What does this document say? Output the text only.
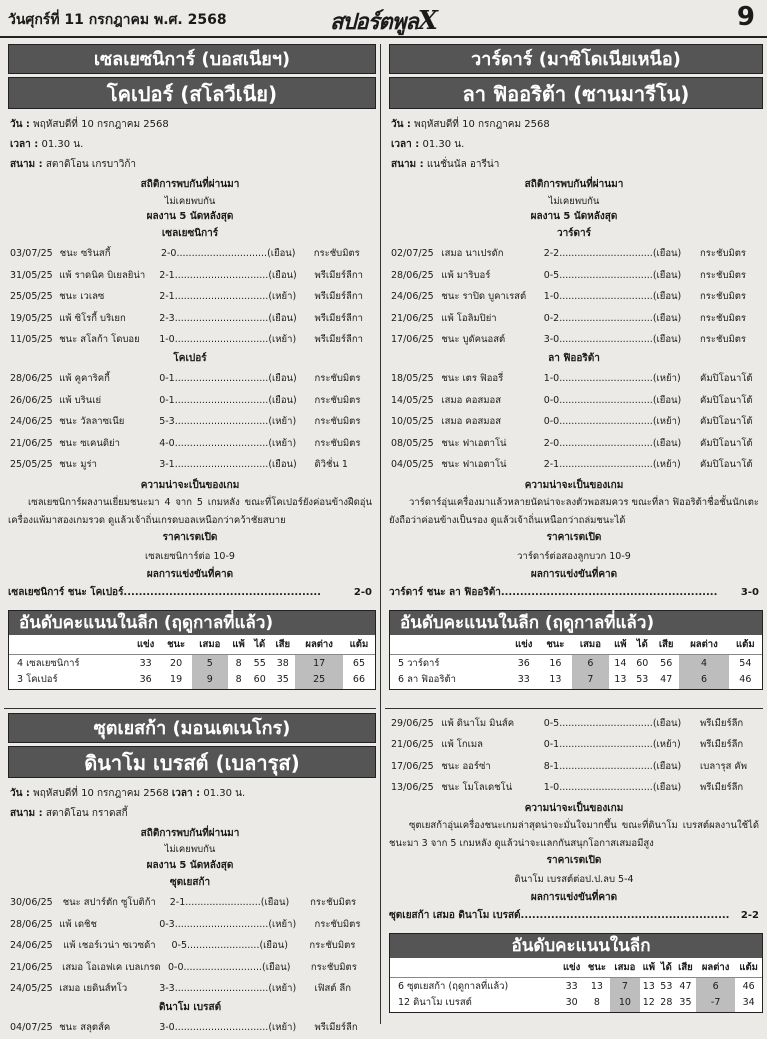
วันศุกร์ที่ 11 กรกฎาคม พ.ศ. 2568	สปอร์ตพูลX	9
เซลเยซนิการ์ (บอสเนียฯ)
โคเปอร์ (สโลวีเนีย)
วัน : พฤหัสบดีที่ 10 กรกฎาคม 2568
เวลา : 01.30 น.
สนาม : สตาดิโอน เกรบาวิก้า
สถิติการพบกันที่ผ่านมา
ไม่เคยพบกัน
ผลงาน 5 นัดหลังสุด
เซลเยซนิการ์
03/07/25 ชนะ ซรินสกี้	2-0.............................. (เยือน)	กระชับมิตร
31/05/25 แพ้ ราดนิค บิเยลยิน่า	2-1............................... (เยือน)	พรีเมียร์ลีกา
25/05/25 ชนะ เวเลซ	2-1............................... (เหย้า)	พรีเมียร์ลีกา
19/05/25 แพ้ ซิโรกี้ บริเยก	2-3............................... (เยือน)	พรีเมียร์ลีกา
11/05/25 ชนะ สโลก้า โดบอย	1-0............................... (เหย้า)	พรีเมียร์ลีกา
โคเปอร์
28/06/25 แพ้ คูคาริคกี้	0-1............................... (เยือน)	กระชับมิตร
26/06/25 แพ้ บรินเย่	0-1............................... (เยือน)	กระชับมิตร
24/06/25 ชนะ วัลลาซเนีย	5-3............................... (เหย้า)	กระชับมิตร
21/06/25 ชนะ ซเคนดิย่า	4-0............................... (เหย้า)	กระชับมิตร
25/05/25 ชนะ มูร่า	3-1............................... (เยือน)	ดิวิชั่น 1
ความน่าจะเป็นของเกม
เซลเยซนิการ์ผลงานเยี่ยมชนะมา 4 จาก 5 เกมหลัง ขณะที่โคเปอร์ยังค่อนข้างฝืดอุ่นเครื่องแพ้มาสองเกมรวด ดูแล้วเจ้าถิ่นเกรดบอลเหนือกว่าคว้าชัยสบาย
ราคาเรตเปิด
เซลเยซนิการ์ต่อ 10-9
ผลการแข่งขันที่คาด
เซลเยซนิการ์ ชนะ โคเปอร์....................................................	2-0
อันดับคะแนนในลีก (ฤดูกาลที่แล้ว)
	แข่ง	ชนะ	เสมอ	แพ้	ได้	เสีย	ผลต่าง	แต้ม
4 เซลเยซนิการ์	33	20	5	8	55	38	17	65
3 โคเปอร์	36	19	9	8	60	35	25	66
ซุตเยสก้า (มอนเตเนโกร)
ดินาโม เบรสต์ (เบลารุส)
วัน : พฤหัสบดีที่ 10 กรกฎาคม 2568 เวลา : 01.30 น.
สนาม : สตาดิโอน กราดสกี้
สถิติการพบกันที่ผ่านมา
ไม่เคยพบกัน
ผลงาน 5 นัดหลังสุด
ซุตเยสก้า
30/06/25	ชนะ สปาร์ตัก ซูโบติก้า	2-1......................... (เยือน)	กระชับมิตร
28/06/25 แพ้ เดชิช	0-3............................... (เหย้า)	กระชับมิตร
24/06/25	แพ้ เชอร์เวน่า ซเวซด้า	0-5........................ (เยือน)	กระชับมิตร
21/06/25 เสมอ โอเอฟเค เบลเกรด 0-0.......................... (เยือน)	กระชับมิตร
24/05/25 เสมอ เยดินส์ทโว	3-3............................... (เหย้า)	เฟิสต์ ลีก
ดินาโม เบรสต์
04/07/25 ชนะ สลุตส์ค	3-0............................... (เหย้า)	พรีเมียร์ลีก
วาร์ดาร์ (มาซิโดเนียเหนือ)
ลา ฟิออริต้า (ซานมารีโน)
วัน : พฤหัสบดีที่ 10 กรกฎาคม 2568
เวลา : 01.30 น.
สนาม : แนชั่นนัล อารีน่า
สถิติการพบกันที่ผ่านมา
ไม่เคยพบกัน
ผลงาน 5 นัดหลังสุด
วาร์ดาร์
02/07/25 เสมอ นาเปรดัก	2-2............................... (เยือน)	กระชับมิตร
28/06/25 แพ้ มาริบอร์	0-5............................... (เยือน)	กระชับมิตร
24/06/25 ชนะ ราปิด บูคาเรสต์	1-0............................... (เยือน)	กระชับมิตร
21/06/25 แพ้ โอลิมปิย่า	0-2............................... (เยือน)	กระชับมิตร
17/06/25 ชนะ บูดัคนอสต์	3-0............................... (เยือน)	กระชับมิตร
ลา ฟิออริต้า
18/05/25 ชนะ เตร ฟิออรี่	1-0............................... (เหย้า)	คัมปิโอนาโต้
14/05/25 เสมอ คอสมอส	0-0............................... (เยือน)	คัมปิโอนาโต้
10/05/25 เสมอ คอสมอส	0-0............................... (เหย้า)	คัมปิโอนาโต้
08/05/25 ชนะ ฟาเอตาโน่	2-0............................... (เยือน)	คัมปิโอนาโต้
04/05/25 ชนะ ฟาเอตาโน่	2-1............................... (เหย้า)	คัมปิโอนาโต้
ความน่าจะเป็นของเกม
วาร์ดาร์อุ่นเครื่องมาแล้วหลายนัดน่าจะลงตัวพอสมควร ขณะที่ลา ฟิออริต้าชื่อชั้นนักเตะยังถือว่าค่อนข้างเป็นรอง ดูแล้วเจ้าถิ่นเหนือกว่าถล่มชนะได้
ราคาเรตเปิด
วาร์ดาร์ต่อสองลูกบวก 10-9
ผลการแข่งขันที่คาด
วาร์ดาร์ ชนะ ลา ฟิออริต้า......................................................... 3-0
อันดับคะแนนในลีก (ฤดูกาลที่แล้ว)
	แข่ง	ชนะ	เสมอ	แพ้	ได้	เสีย	ผลต่าง	แต้ม
5 วาร์ดาร์	36	16	6	14	60	56	4	54
6 ลา ฟิออริต้า	33	13	7	13	53	47	6	46
29/06/25 แพ้ ดินาโม มินส์ค	0-5............................... (เยือน)	พรีเมียร์ลีก
21/06/25 แพ้ โกเมล	0-1............................... (เหย้า)	พรีเมียร์ลีก
17/06/25 ชนะ ออร์ซ่า	8-1............................... (เยือน)	เบลารุส คัพ
13/06/25 ชนะ โมโลเดชโน่	1-0............................... (เยือน)	พรีเมียร์ลีก
ความน่าจะเป็นของเกม
ซุตเยสก้าอุ่นเครื่องชนะเกมล่าสุดน่าจะมั่นใจมากขึ้น ขณะที่ดินาโม เบรสต์ผลงานใช้ได้ชนะมา 3 จาก 5 เกมหลัง ดูแล้วน่าจะแลกกันสนุกโอกาสเสมอมีสูง
ราคาเรตเปิด
ดินาโม เบรสต์ต่อป.ป.ลบ 5-4
ผลการแข่งขันที่คาด
ซุตเยสก้า เสมอ ดินาโม เบรสต์....................................................... 2-2
อันดับคะแนนในลีก
	แข่ง	ชนะ	เสมอ	แพ้	ได้	เสีย	ผลต่าง	แต้ม
6 ซุตเยสก้า (ฤดูกาลที่แล้ว)	33	13	7	13	53	47	6	46
12 ดินาโม เบรสต์	30	8	10	12	28	35	-7	34
